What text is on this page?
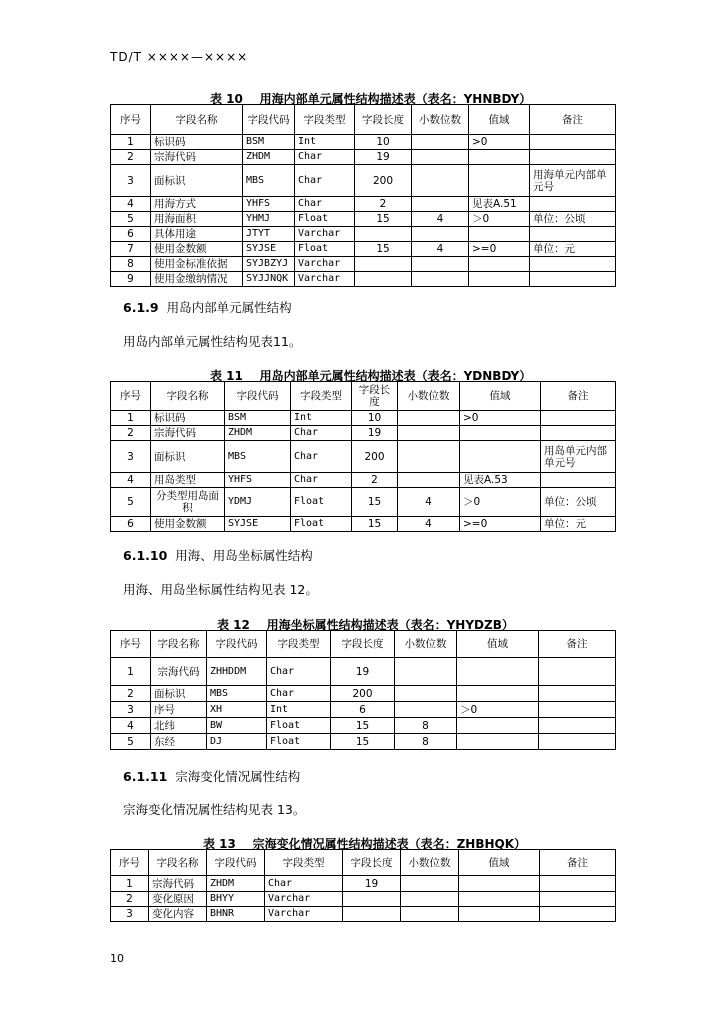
TD/T ××××—××××
表 10 用海内部单元属性结构描述表（表名：YHNBDY）
序号	字段名称	字段代码	字段类型	字段长度	小数位数	值域	备注
1	标识码	BSM	Int	10		>0	
2	宗海代码	ZHDM	Char	19			
3	面标识	MBS	Char	200			用海单元内部单元号
4	用海方式	YHFS	Char	2		见表A.51	
5	用海面积	YHMJ	Float	15	4	＞0	单位：公顷
6	具体用途	JTYT	Varchar				
7	使用金数额	SYJSE	Float	15	4	>=0	单位：元
8	使用金标准依据	SYJBZYJ	Varchar				
9	使用金缴纳情况	SYJJNQK	Varchar				
6.1.9 用岛内部单元属性结构
用岛内部单元属性结构见表11。
表 11 用岛内部单元属性结构描述表（表名：YDNBDY）
序号	字段名称	字段代码	字段类型	字段长度	小数位数	值域	备注
1	标识码	BSM	Int	10		>0	
2	宗海代码	ZHDM	Char	19			
3	面标识	MBS	Char	200			用岛单元内部单元号
4	用岛类型	YHFS	Char	2		见表A.53	
5	分类型用岛面积	YDMJ	Float	15	4	＞0	单位：公顷
6	使用金数额	SYJSE	Float	15	4	>=0	单位：元
6.1.10 用海、用岛坐标属性结构
用海、用岛坐标属性结构见表 12。
表 12 用海坐标属性结构描述表（表名：YHYDZB）
序号	字段名称	字段代码	字段类型	字段长度	小数位数	值域	备注
1	宗海代码	ZHHDDM	Char	19			
2	面标识	MBS	Char	200			
3	序号	XH	Int	6		＞0	
4	北纬	BW	Float	15	8		
5	东经	DJ	Float	15	8		
6.1.11 宗海变化情况属性结构
宗海变化情况属性结构见表 13。
表 13 宗海变化情况属性结构描述表（表名：ZHBHQK）
序号	字段名称	字段代码	字段类型	字段长度	小数位数	值域	备注
1	宗海代码	ZHDM	Char	19			
2	变化原因	BHYY	Varchar				
3	变化内容	BHNR	Varchar				
10
